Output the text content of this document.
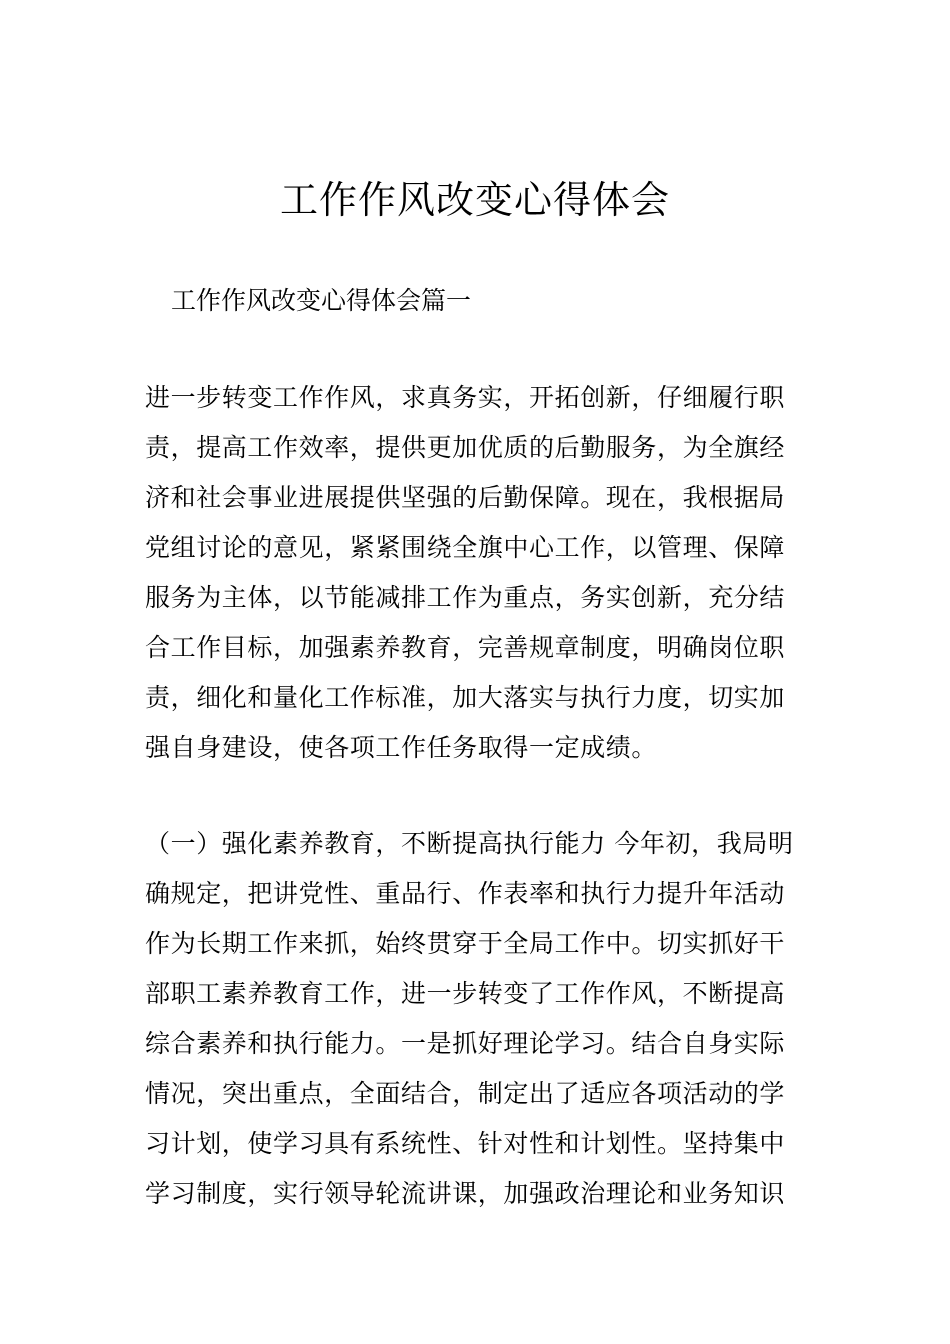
工作作风改变心得体会

工作作风改变心得体会篇一

进一步转变工作作风，求真务实，开拓创新，仔细履行职
责，提高工作效率，提供更加优质的后勤服务，为全旗经
济和社会事业进展提供坚强的后勤保障。现在，我根据局
党组讨论的意见，紧紧围绕全旗中心工作，以管理、保障
服务为主体，以节能减排工作为重点，务实创新，充分结
合工作目标，加强素养教育，完善规章制度，明确岗位职
责，细化和量化工作标准，加大落实与执行力度，切实加
强自身建设，使各项工作任务取得一定成绩。
（一）强化素养教育，不断提高执行能力 今年初，我局明
确规定，把讲党性、重品行、作表率和执行力提升年活动
作为长期工作来抓，始终贯穿于全局工作中。切实抓好干
部职工素养教育工作，进一步转变了工作作风，不断提高
综合素养和执行能力。一是抓好理论学习。结合自身实际
情况，突出重点，全面结合，制定出了适应各项活动的学
习计划，使学习具有系统性、针对性和计划性。坚持集中
学习制度，实行领导轮流讲课，加强政治理论和业务知识
